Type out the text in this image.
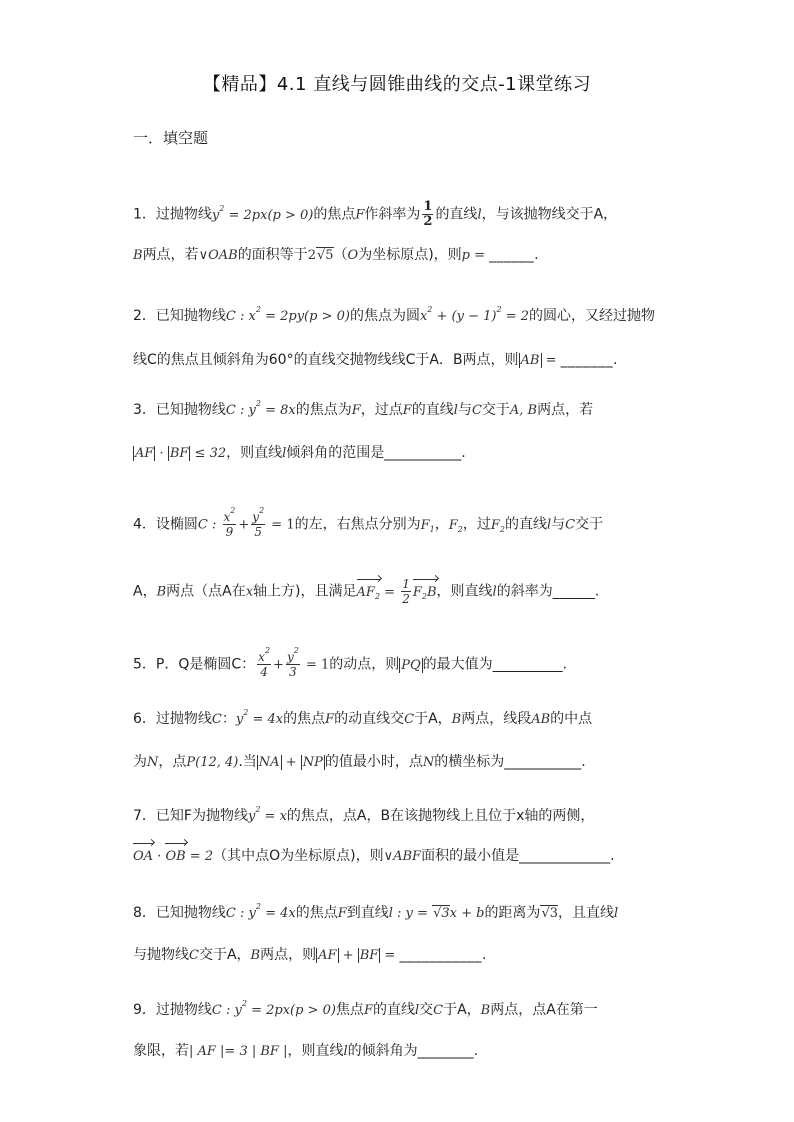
【精品】4.1 直线与圆锥曲线的交点-1课堂练习
一．填空题
1．过抛物线$y^2 = 2px(p > 0)$的焦点F作斜率为 $\frac{1}{2}$ 的直线l，与该抛物线交于A，
B两点，若∨OAB的面积等于2√5（O为坐标原点)，则p = ______.
2．已知抛物线C : $x^2 = 2py(p > 0)$的焦点为圆$x^2 + (y - 1)^2 = 2$的圆心，又经过抛物
线C的焦点且倾斜角为60°的直线交抛物线线C于A．B两点，则 AB = _______.
3．已知抛物线C : $y^2 = 8x$的焦点为F，过点F的直线l与C交于A, B两点，若
AF · BF ≤ 32，则直线l倾斜角的范围是___________.
4．设椭圆C : $\frac{x^2}{9} + \frac{y^2}{5} = 1$的左，右焦点分别为$F_1$，$F_2$，过$F_2$的直线l与C交于
A，B两点（点A在x轴上方)，且满足$AF_2 = \frac{1}{2} F_2B$，则直线l的斜率为______.
5．P．Q是椭圆C： $\frac{x^2}{4} + \frac{y^2}{3} = 1$的动点，则 PQ 的最大值为__________.
6．过抛物线C：$y^2 = 4x$的焦点F的动直线交C于A，B两点，线段AB的中点
为N，点P(12, 4).当 NA + NP 的值最小时，点N的横坐标为___________.
7．已知F为抛物线$y^2 = x$的焦点，点A，B在该抛物线上且位于x轴的两侧，
OA · OB = 2（其中点O为坐标原点)，则∨ABF面积的最小值是_____________.
8．已知抛物线C : $y^2 = 4x$的焦点F到直线l : y = √3x + b的距离为√3，且直线l
与抛物线C交于A，B两点，则 AF + BF = ___________.
9．过抛物线C : $y^2 = 2px(p > 0)$焦点F的直线l交C于A，B两点，点A在第一
象限，若| AF |= 3 | BF |，则直线l的倾斜角为________.
